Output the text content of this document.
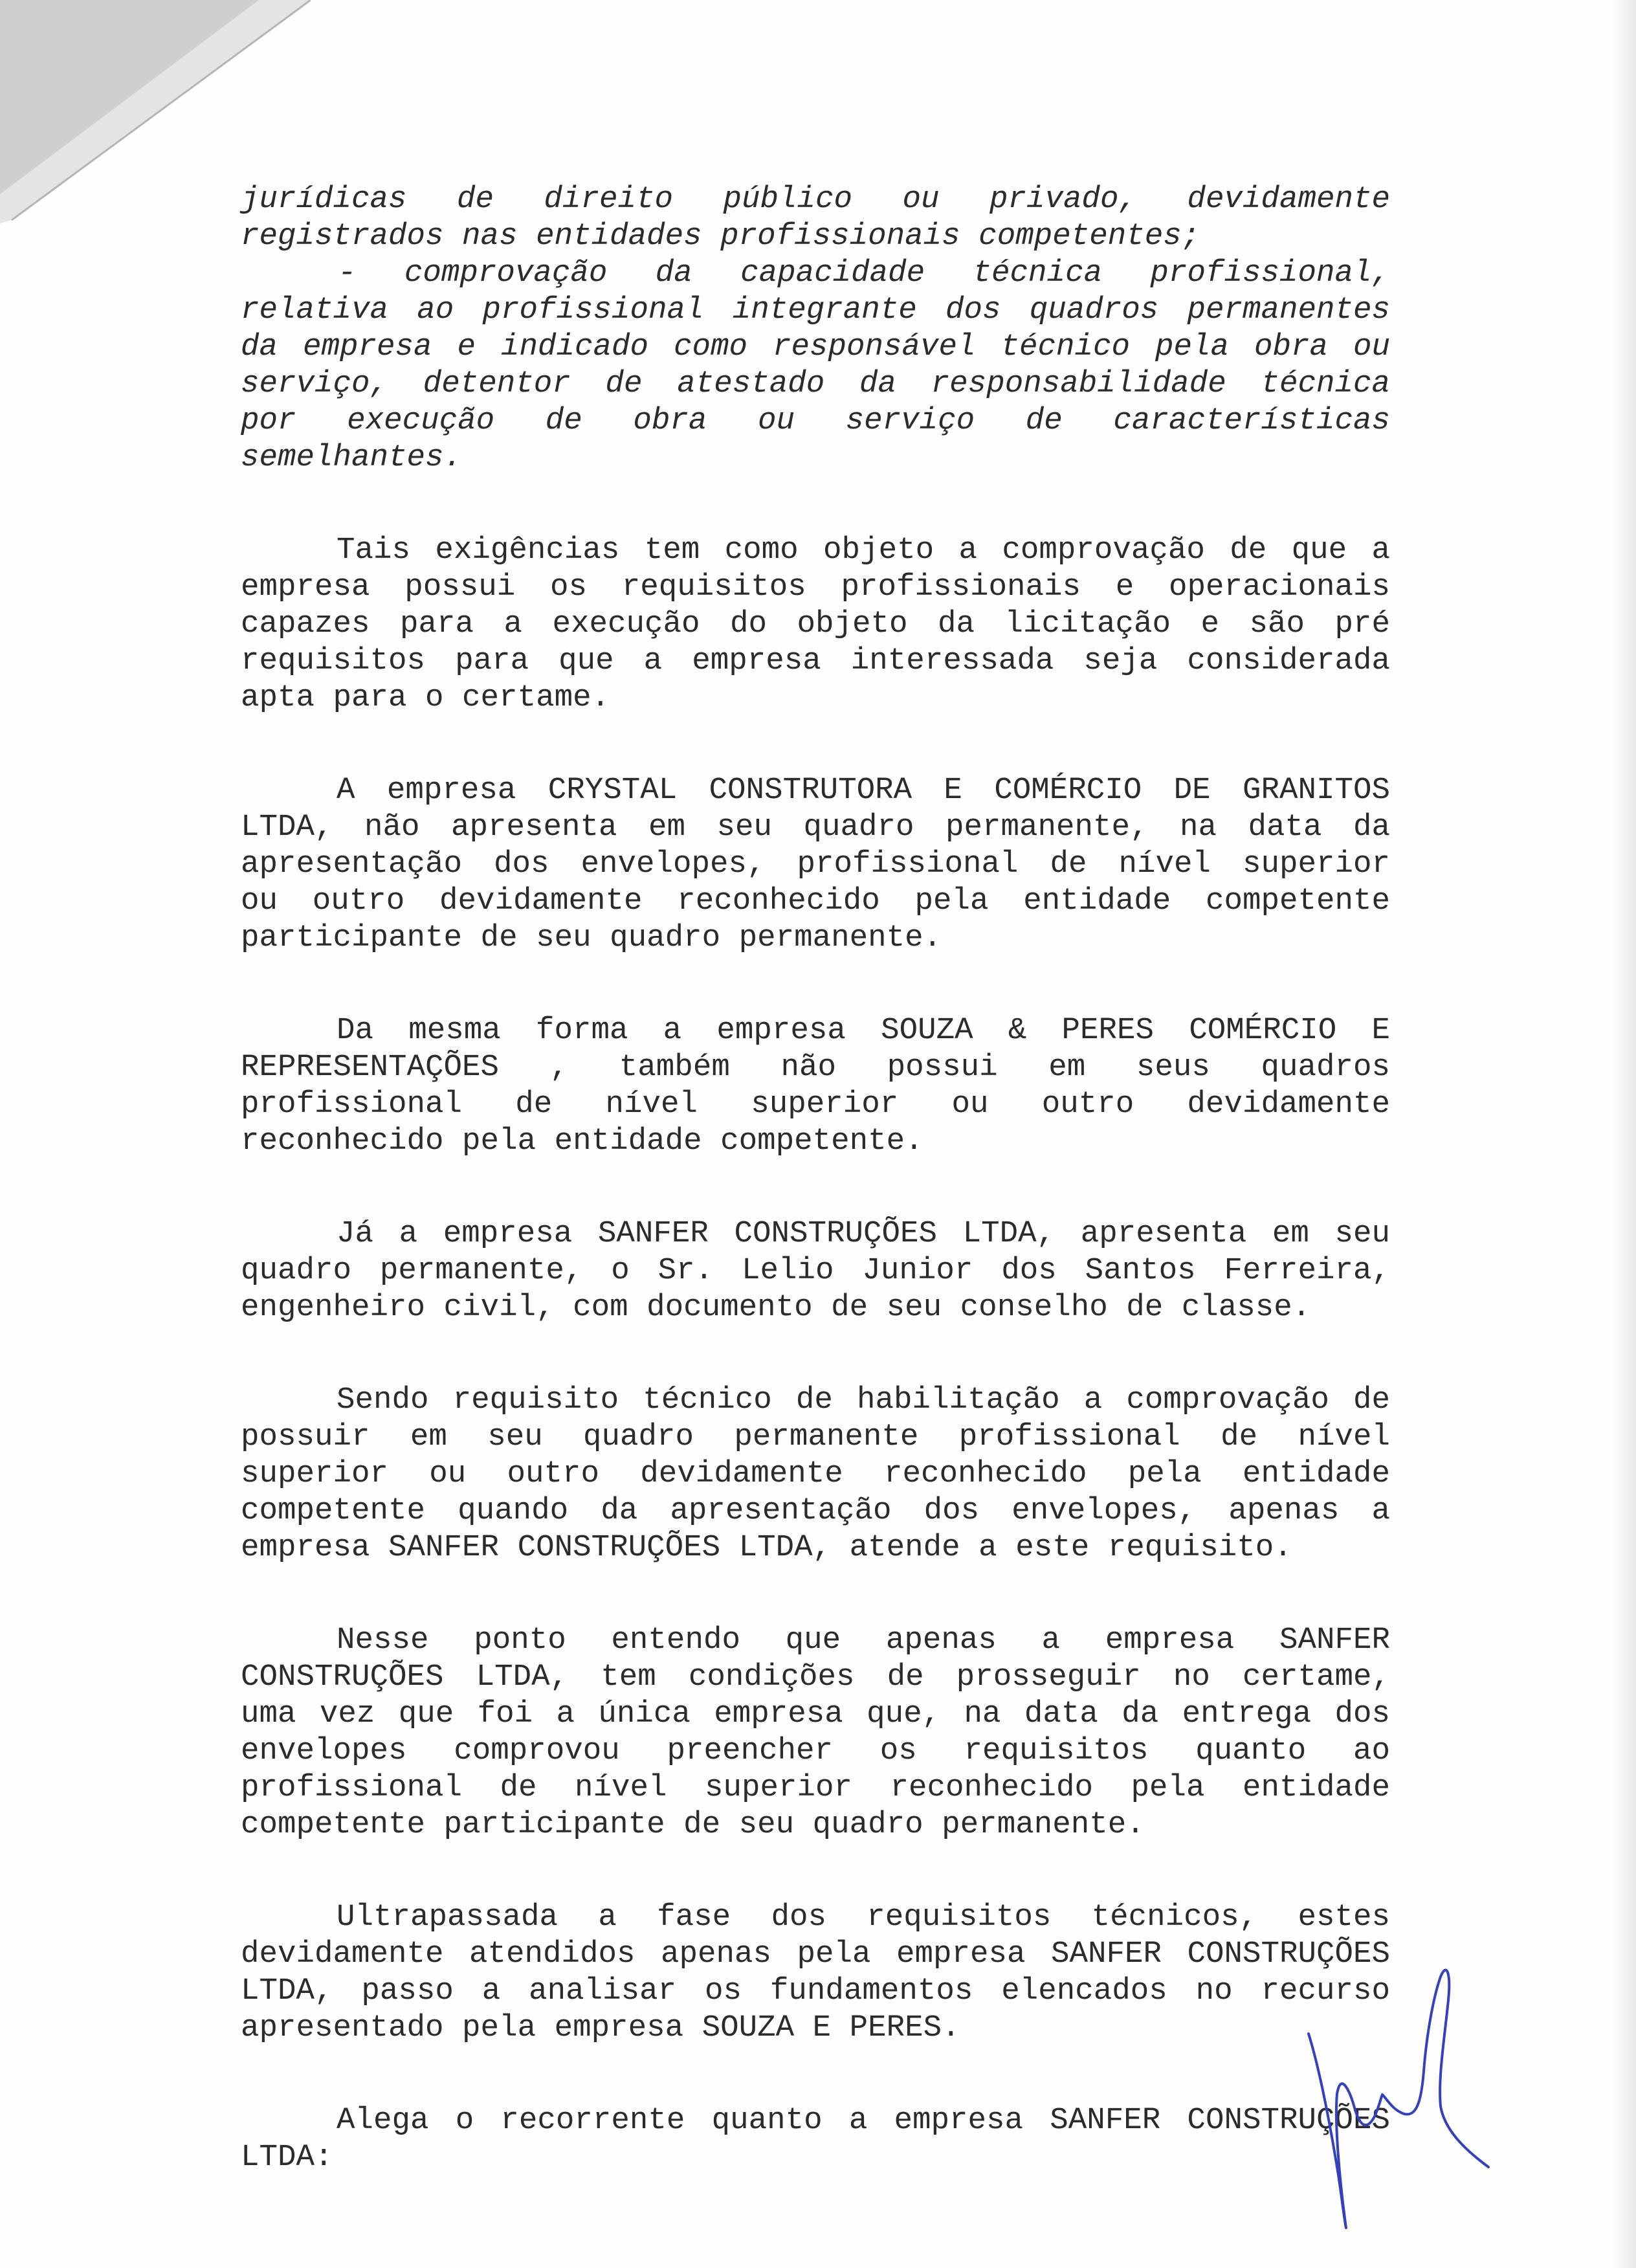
jurídicas de direito público ou privado, devidamente
registrados nas entidades profissionais competentes;
- comprovação da capacidade técnica profissional,
relativa ao profissional integrante dos quadros permanentes
da empresa e indicado como responsável técnico pela obra ou
serviço, detentor de atestado da responsabilidade técnica
por execução de obra ou serviço de características
semelhantes.
Tais exigências tem como objeto a comprovação de que a
empresa possui os requisitos profissionais e operacionais
capazes para a execução do objeto da licitação e são pré
requisitos para que a empresa interessada seja considerada
apta para o certame.
A empresa CRYSTAL CONSTRUTORA E COMÉRCIO DE GRANITOS
LTDA, não apresenta em seu quadro permanente, na data da
apresentação dos envelopes, profissional de nível superior
ou outro devidamente reconhecido pela entidade competente
participante de seu quadro permanente.
Da mesma forma a empresa SOUZA & PERES COMÉRCIO E
REPRESENTAÇÕES , também não possui em seus quadros
profissional de nível superior ou outro devidamente
reconhecido pela entidade competente.
Já a empresa SANFER CONSTRUÇÕES LTDA, apresenta em seu
quadro permanente, o Sr. Lelio Junior dos Santos Ferreira,
engenheiro civil, com documento de seu conselho de classe.
Sendo requisito técnico de habilitação a comprovação de
possuir em seu quadro permanente profissional de nível
superior ou outro devidamente reconhecido pela entidade
competente quando da apresentação dos envelopes, apenas a
empresa SANFER CONSTRUÇÕES LTDA, atende a este requisito.
Nesse ponto entendo que apenas a empresa SANFER
CONSTRUÇÕES LTDA, tem condições de prosseguir no certame,
uma vez que foi a única empresa que, na data da entrega dos
envelopes comprovou preencher os requisitos quanto ao
profissional de nível superior reconhecido pela entidade
competente participante de seu quadro permanente.
Ultrapassada a fase dos requisitos técnicos, estes
devidamente atendidos apenas pela empresa SANFER CONSTRUÇÕES
LTDA, passo a analisar os fundamentos elencados no recurso
apresentado pela empresa SOUZA E PERES.
Alega o recorrente quanto a empresa SANFER CONSTRUÇÕES
LTDA:
